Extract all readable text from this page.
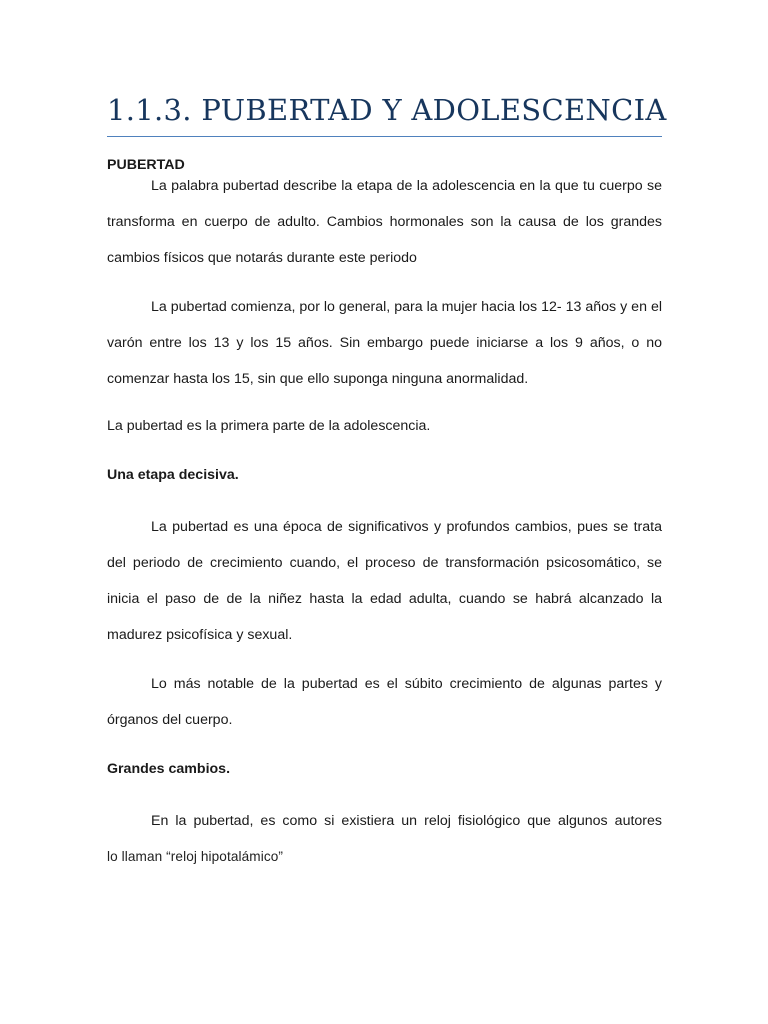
1.1.3. PUBERTAD Y ADOLESCENCIA
PUBERTAD
La palabra pubertad describe la etapa de la adolescencia en la que tu cuerpo se transforma en cuerpo de adulto. Cambios hormonales son la causa de los grandes cambios físicos que notarás durante este periodo
La pubertad comienza, por lo general, para la mujer hacia los 12- 13 años y en el varón entre los 13 y los 15 años. Sin embargo puede iniciarse a los 9 años, o no comenzar hasta los 15, sin que ello suponga ninguna anormalidad.
La pubertad es la primera parte de la adolescencia.
Una etapa decisiva.
La pubertad es una época de significativos y profundos cambios, pues se trata del periodo de crecimiento cuando, el proceso de transformación psicosomático, se inicia el paso de de la niñez hasta la edad adulta, cuando se habrá alcanzado la madurez psicofísica y sexual.
Lo más notable de la pubertad es el súbito crecimiento de algunas partes y órganos del cuerpo.
Grandes cambios.
En la pubertad, es como si existiera un reloj fisiológico que algunos autores
lo llaman “reloj hipotalámico”
